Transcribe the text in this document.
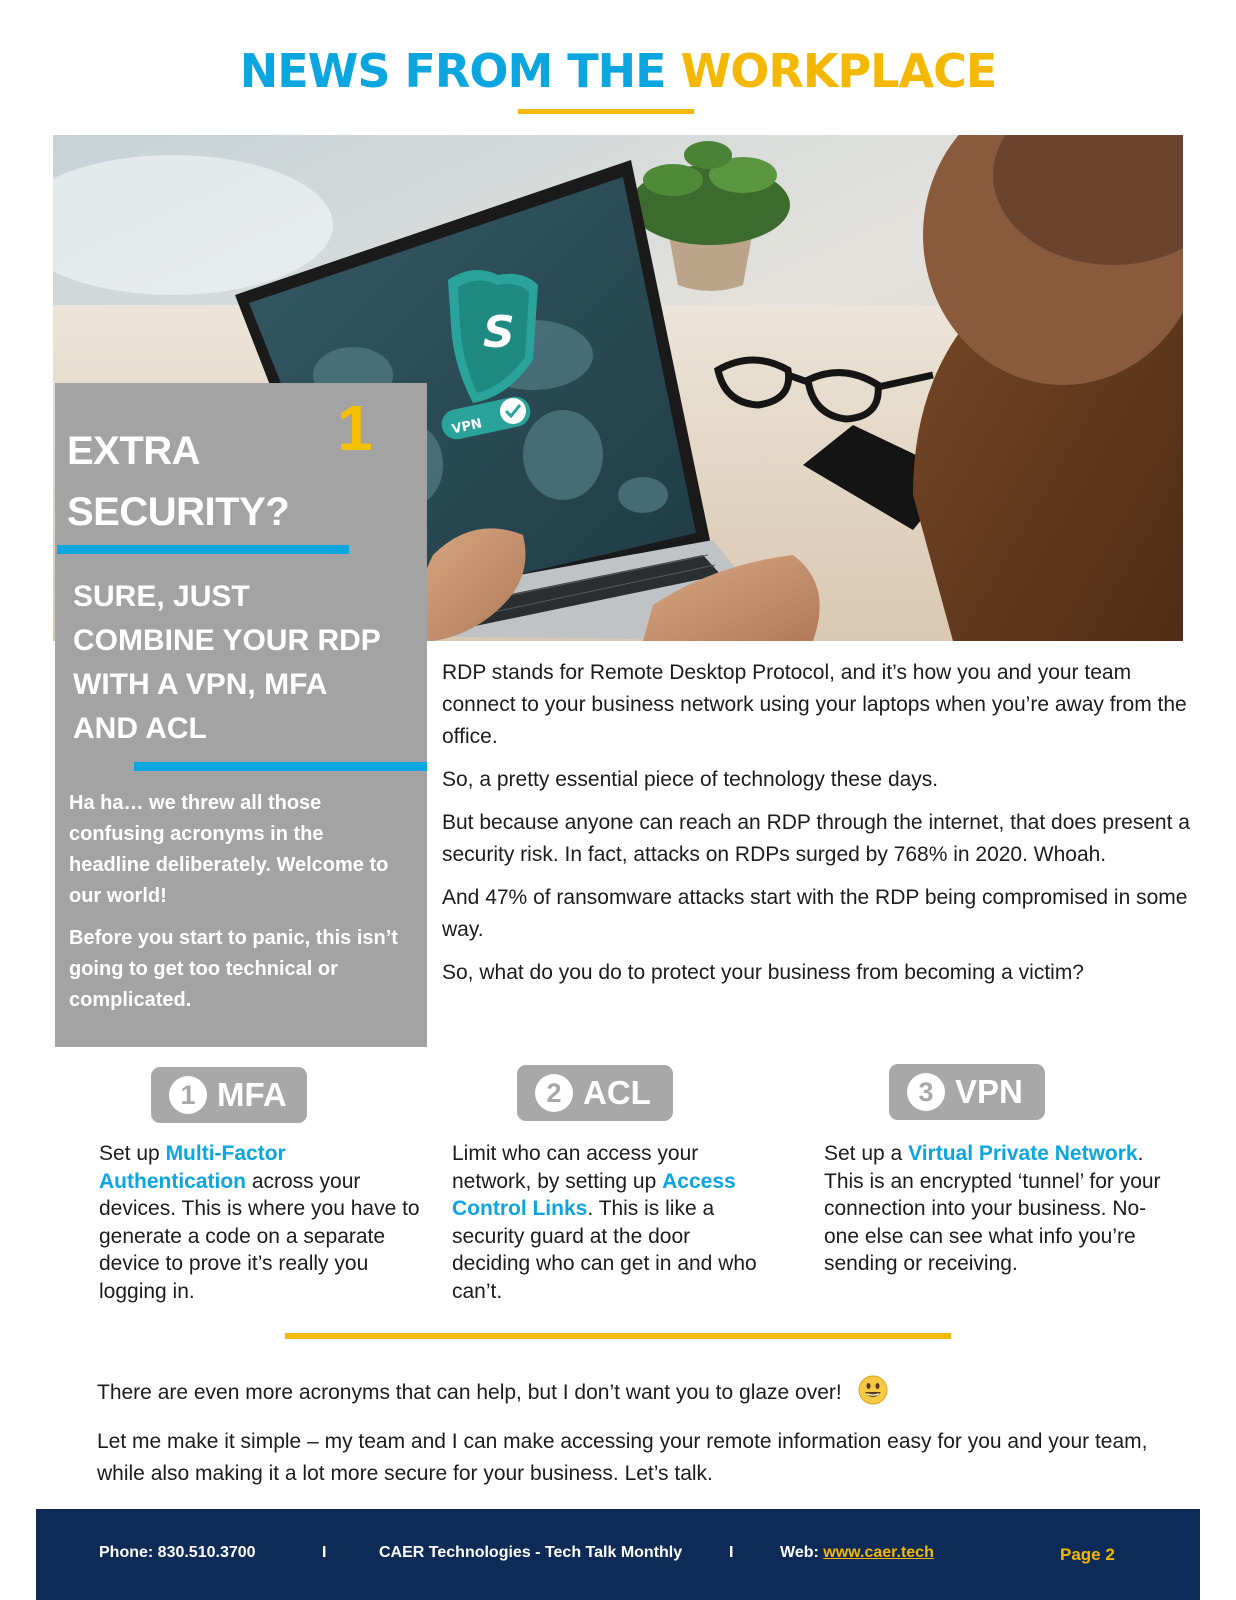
NEWS FROM THE WORKPLACE
S
VPN
EXTRA
SECURITY?
1
SURE, JUST
COMBINE YOUR RDP
WITH A VPN, MFA
AND ACL

Ha ha… we threw all those confusing acronyms in the headline deliberately. Welcome to our world!

Before you start to panic, this isn’t going to get too technical or complicated.

RDP stands for Remote Desktop Protocol, and it’s how you and your team connect to your business network using your laptops when you’re away from the office.

So, a pretty essential piece of technology these days.

But because anyone can reach an RDP through the internet, that does present a security risk. In fact, attacks on RDPs surged by 768% in 2020. Whoah.

And 47% of ransomware attacks start with the RDP being compromised in some way.

So, what do you do to protect your business from becoming a victim?

1 MFA	2 ACL	3 VPN
Set up Multi-Factor Authentication across your devices. This is where you have to generate a code on a separate device to prove it’s really you logging in.
Limit who can access your network, by setting up Access Control Links. This is like a security guard at the door deciding who can get in and who can’t.
Set up a Virtual Private Network. This is an encrypted ‘tunnel’ for your connection into your business. No-one else can see what info you’re sending or receiving.

There are even more acronyms that can help, but I don’t want you to glaze over!

Let me make it simple – my team and I can make accessing your remote information easy for you and your team, while also making it a lot more secure for your business. Let’s talk.

Phone: 830.510.3700	I	CAER Technologies - Tech Talk Monthly	I	Web: www.caer.tech	Page 2
